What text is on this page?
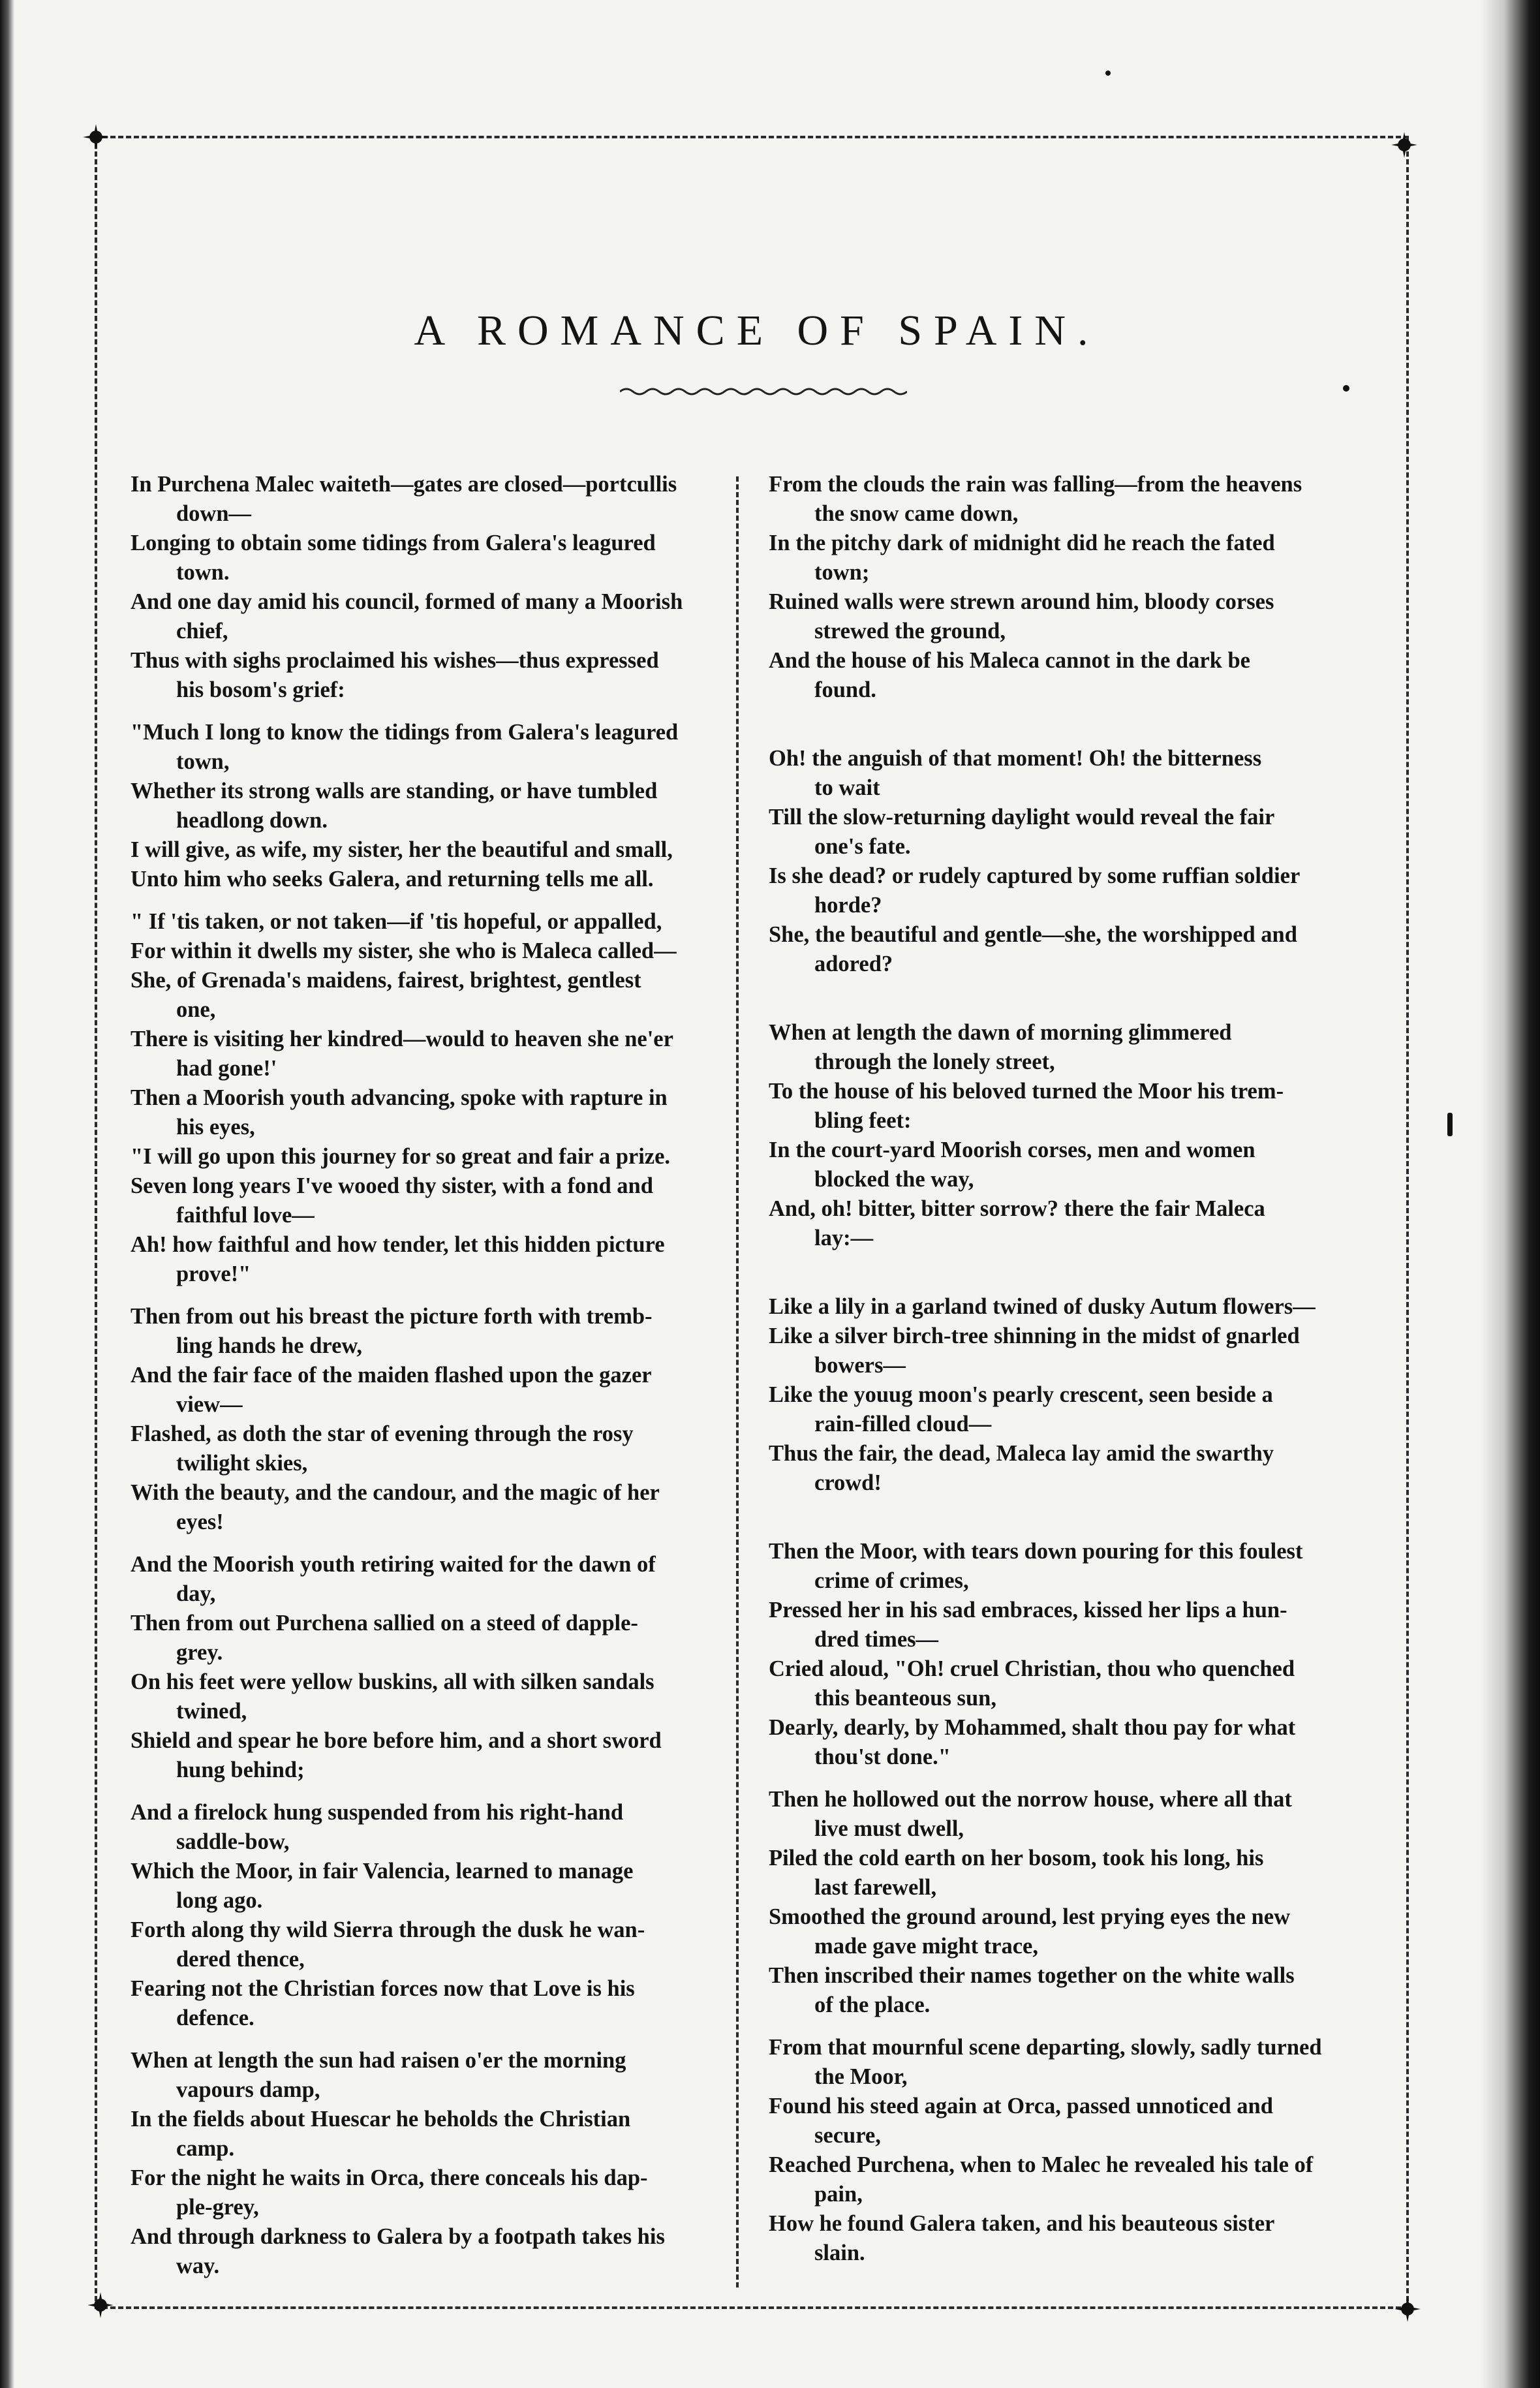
A ROMANCE OF SPAIN.
In Purchena Malec waiteth—gates are closed—portcullis
down—
Longing to obtain some tidings from Galera's leagured
town.
And one day amid his council, formed of many a Moorish
chief,
Thus with sighs proclaimed his wishes—thus expressed
his bosom's grief:
"Much I long to know the tidings from Galera's leagured
town,
Whether its strong walls are standing, or have tumbled
headlong down.
I will give, as wife, my sister, her the beautiful and small,
Unto him who seeks Galera, and returning tells me all.
" If 'tis taken, or not taken—if 'tis hopeful, or appalled,
For within it dwells my sister, she who is Maleca called—
She, of Grenada's maidens, fairest, brightest, gentlest
one,
There is visiting her kindred—would to heaven she ne'er
had gone!'
Then a Moorish youth advancing, spoke with rapture in
his eyes,
"I will go upon this journey for so great and fair a prize.
Seven long years I've wooed thy sister, with a fond and
faithful love—
Ah! how faithful and how tender, let this hidden picture
prove!"
Then from out his breast the picture forth with tremb-
ling hands he drew,
And the fair face of the maiden flashed upon the gazer
view—
Flashed, as doth the star of evening through the rosy
twilight skies,
With the beauty, and the candour, and the magic of her
eyes!
And the Moorish youth retiring waited for the dawn of
day,
Then from out Purchena sallied on a steed of dapple-
grey.
On his feet were yellow buskins, all with silken sandals
twined,
Shield and spear he bore before him, and a short sword
hung behind;
And a firelock hung suspended from his right-hand
saddle-bow,
Which the Moor, in fair Valencia, learned to manage
long ago.
Forth along thy wild Sierra through the dusk he wan-
dered thence,
Fearing not the Christian forces now that Love is his
defence.
When at length the sun had raisen o'er the morning
vapours damp,
In the fields about Huescar he beholds the Christian
camp.
For the night he waits in Orca, there conceals his dap-
ple-grey,
And through darkness to Galera by a footpath takes his
way.
From the clouds the rain was falling—from the heavens
the snow came down,
In the pitchy dark of midnight did he reach the fated
town;
Ruined walls were strewn around him, bloody corses
strewed the ground,
And the house of his Maleca cannot in the dark be
found.
Oh! the anguish of that moment! Oh! the bitterness
to wait
Till the slow-returning daylight would reveal the fair
one's fate.
Is she dead? or rudely captured by some ruffian soldier
horde?
She, the beautiful and gentle—she, the worshipped and
adored?
When at length the dawn of morning glimmered
through the lonely street,
To the house of his beloved turned the Moor his trem-
bling feet:
In the court-yard Moorish corses, men and women
blocked the way,
And, oh! bitter, bitter sorrow? there the fair Maleca
lay:—
Like a lily in a garland twined of dusky Autum flowers—
Like a silver birch-tree shinning in the midst of gnarled
bowers—
Like the youug moon's pearly crescent, seen beside a
rain-filled cloud—
Thus the fair, the dead, Maleca lay amid the swarthy
crowd!
Then the Moor, with tears down pouring for this foulest
crime of crimes,
Pressed her in his sad embraces, kissed her lips a hun-
dred times—
Cried aloud, "Oh! cruel Christian, thou who quenched
this beanteous sun,
Dearly, dearly, by Mohammed, shalt thou pay for what
thou'st done."
Then he hollowed out the norrow house, where all that
live must dwell,
Piled the cold earth on her bosom, took his long, his
last farewell,
Smoothed the ground around, lest prying eyes the new
made gave might trace,
Then inscribed their names together on the white walls
of the place.
From that mournful scene departing, slowly, sadly turned
the Moor,
Found his steed again at Orca, passed unnoticed and
secure,
Reached Purchena, when to Malec he revealed his tale of
pain,
How he found Galera taken, and his beauteous sister
slain.
